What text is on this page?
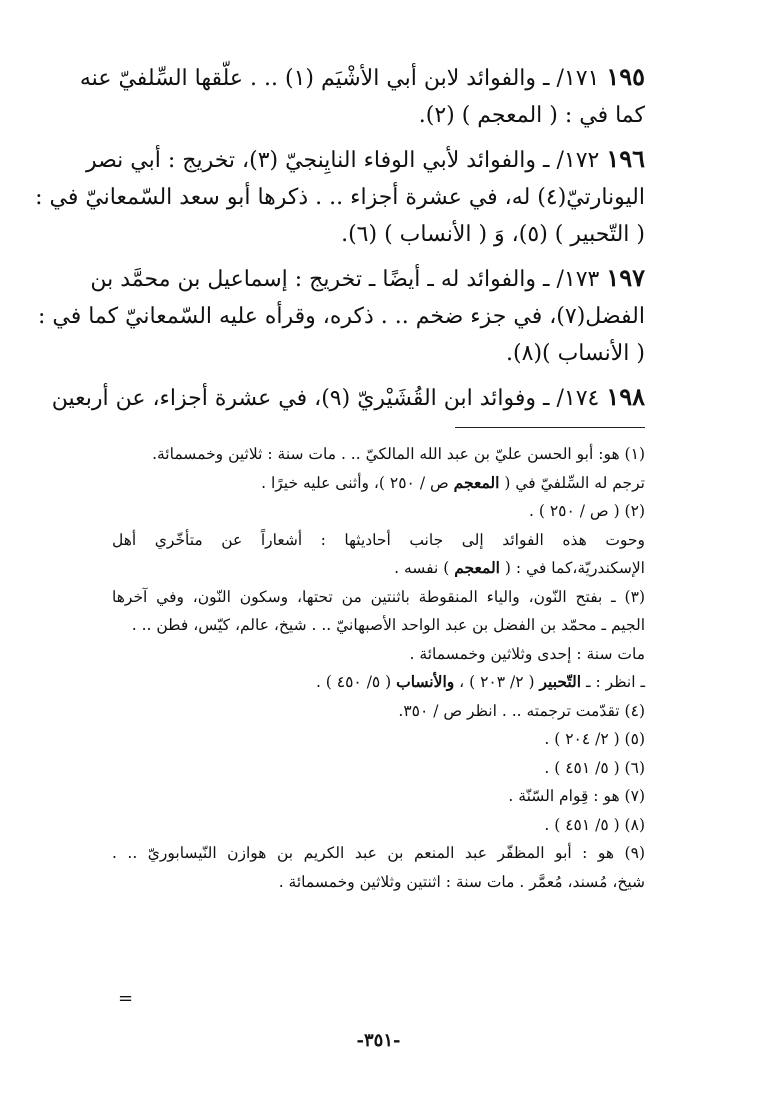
١٩٥ ١٧١/ ـ والفوائد لابن أبي الأشْيَم (١) .. . علّقها السِّلفيّ عنه
كما في : ( المعجم ) (٢).
١٩٦ ١٧٢/ ـ والفوائد لأبي الوفاء النايِنجيّ (٣)، تخريج : أبي نصر
اليونارتيّ(٤) له، في عشرة أجزاء .. . ذكرها أبو سعد السّمعانيّ في :
( التّحبير ) (٥)، وَ ( الأنساب ) (٦).
١٩٧ ١٧٣/ ـ والفوائد له ـ أيضًا ـ تخريج : إسماعيل بن محمَّد بن
الفضل(٧)، في جزء ضخم .. . ذكره، وقرأه عليه السّمعانيّ كما في :
( الأنساب )(٨).
١٩٨ ١٧٤/ ـ وفوائد ابن القُشَيْريّ (٩)، في عشرة أجزاء، عن أربعين
(١) هو: أبو الحسن عليّ بن عبد الله المالكيّ .. . مات سنة : ثلاثين وخمسمائة.
ترجم له السِّلفيّ في ( المعجم ص / ٢٥٠ )، وأثنى عليه خيرًا .
(٢) ( ص / ٢٥٠ ) .
وحوت هذه الفوائد إلى جانب أحاديثها : أشعاراً عن متأخّري أهل
الإسكندريّة،كما في : ( المعجم ) نفسه .
(٣) ـ بفتح النّون، والياء المنقوطة باثنتين من تحتها، وسكون النّون، وفي آخرها
الجيم ـ محمّد بن الفضل بن عبد الواحد الأصبهانيّ .. . شيخ، عالم، كيّس، فطن .. .
مات سنة : إحدى وثلاثين وخمسمائة .
ـ انظر : ـ التّحبير ( ٢/ ٢٠٣ ) ، والأنساب ( ٥/ ٤٥٠ ) .
(٤) تقدّمت ترجمته .. . انظر ص / ٣٥٠.
(٥) ( ٢/ ٢٠٤ ) .
(٦) ( ٥/ ٤٥١ ) .
(٧) هو : قِوام السّنّة .
(٨) ( ٥/ ٤٥١ ) .
(٩) هو : أبو المظفّر عبد المنعم بن عبد الكريم بن هوازن النّيسابوريّ .. .
شيخ، مُسند، مُعمَّر . مات سنة : اثنتين وثلاثين وخمسمائة .
=
-٣٥١-
